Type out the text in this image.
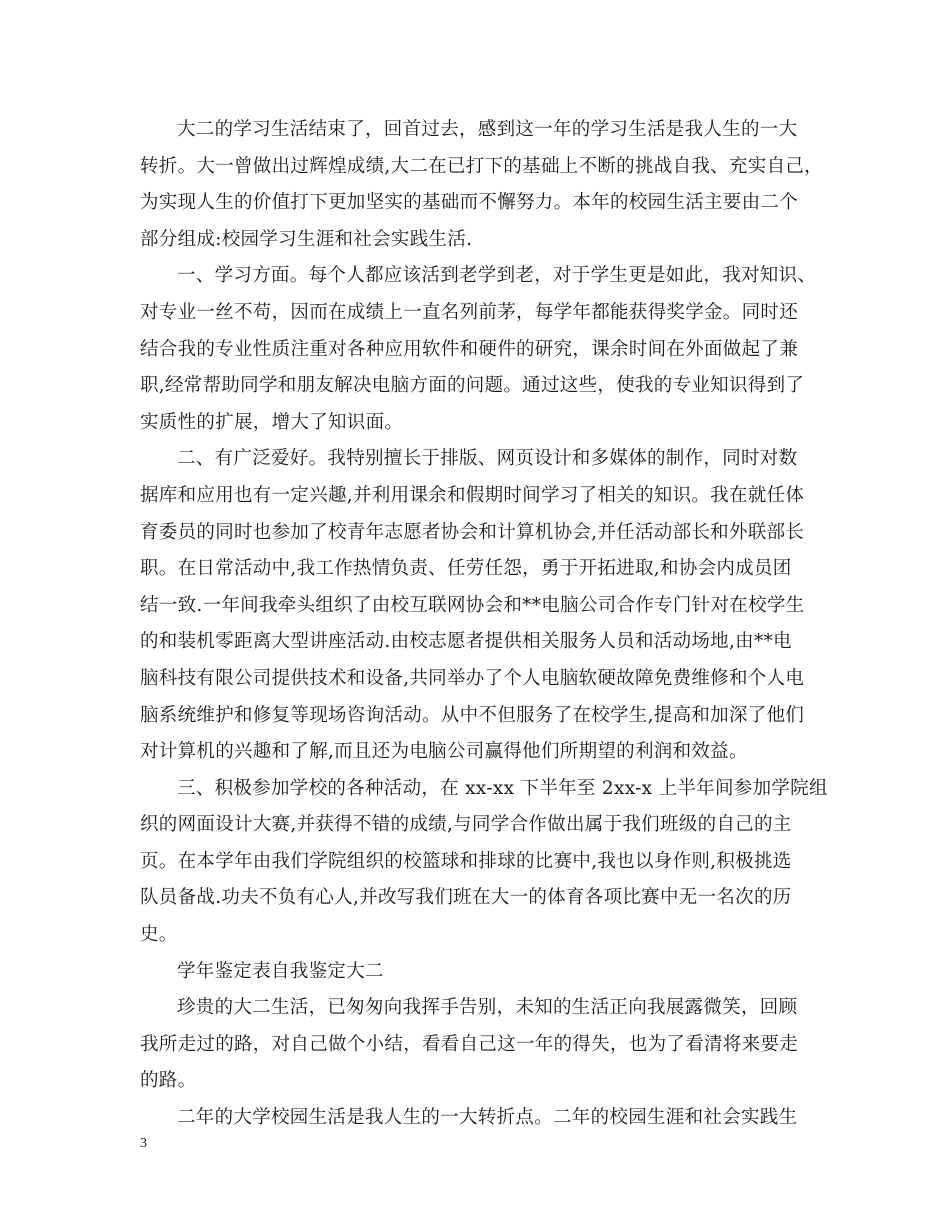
大二的学习生活结束了，回首过去，感到这一年的学习生活是我人生的一大
转折。大一曾做出过辉煌成绩,大二在已打下的基础上不断的挑战自我、充实自己，
为实现人生的价值打下更加坚实的基础而不懈努力。本年的校园生活主要由二个
部分组成:校园学习生涯和社会实践生活.
一、学习方面。每个人都应该活到老学到老，对于学生更是如此，我对知识、
对专业一丝不苟，因而在成绩上一直名列前茅，每学年都能获得奖学金。同时还
结合我的专业性质注重对各种应用软件和硬件的研究，课余时间在外面做起了兼
职,经常帮助同学和朋友解决电脑方面的问题。通过这些，使我的专业知识得到了
实质性的扩展，增大了知识面。
二、有广泛爱好。我特别擅长于排版、网页设计和多媒体的制作，同时对数
据库和应用也有一定兴趣,并利用课余和假期时间学习了相关的知识。我在就任体
育委员的同时也参加了校青年志愿者协会和计算机协会,并任活动部长和外联部长
职。在日常活动中,我工作热情负责、任劳任怨，勇于开拓进取,和协会内成员团
结一致.一年间我牵头组织了由校互联网协会和**电脑公司合作专门针对在校学生
的和装机零距离大型讲座活动.由校志愿者提供相关服务人员和活动场地,由**电
脑科技有限公司提供技术和设备,共同举办了个人电脑软硬故障免费维修和个人电
脑系统维护和修复等现场咨询活动。从中不但服务了在校学生,提高和加深了他们
对计算机的兴趣和了解,而且还为电脑公司赢得他们所期望的利润和效益。
三、积极参加学校的各种活动，在 xx-xx 下半年至 2xx-x 上半年间参加学院组
织的网面设计大赛,并获得不错的成绩,与同学合作做出属于我们班级的自己的主
页。在本学年由我们学院组织的校篮球和排球的比赛中,我也以身作则,积极挑选
队员备战.功夫不负有心人,并改写我们班在大一的体育各项比赛中无一名次的历
史。
学年鉴定表自我鉴定大二
珍贵的大二生活，已匆匆向我挥手告别，未知的生活正向我展露微笑，回顾
我所走过的路，对自己做个小结，看看自己这一年的得失，也为了看清将来要走
的路。
二年的大学校园生活是我人生的一大转折点。二年的校园生涯和社会实践生
3
